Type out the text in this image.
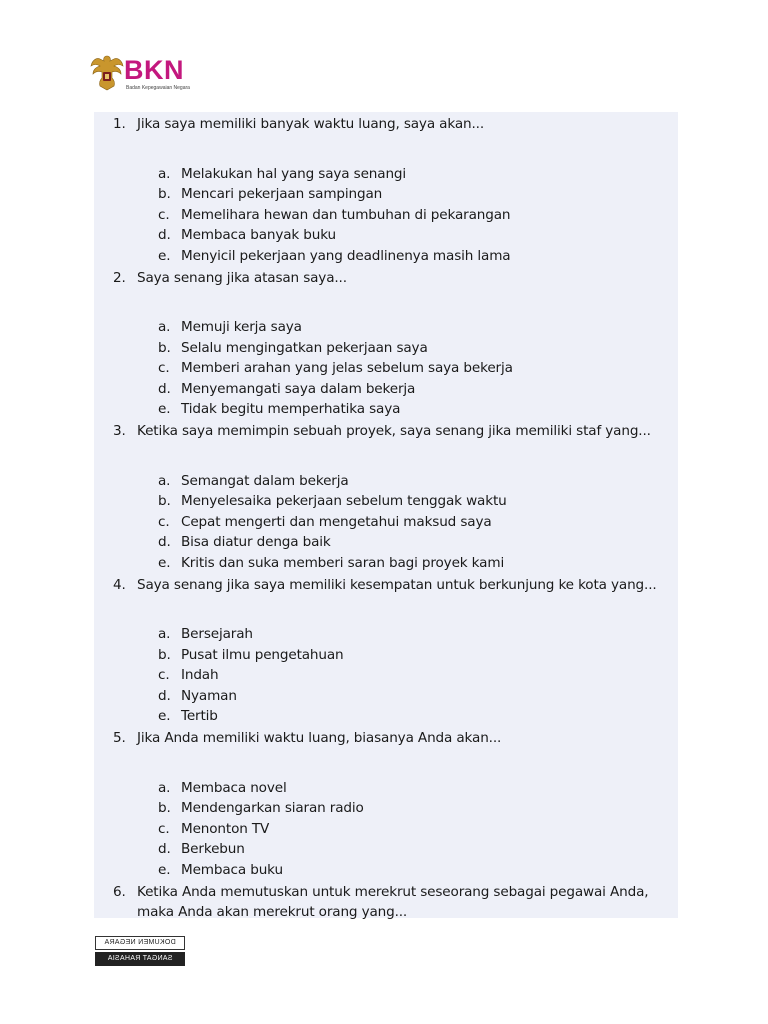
BKN
Badan Kepegawaian Negara
1. Jika saya memiliki banyak waktu luang, saya akan...
a. Melakukan hal yang saya senangi
b. Mencari pekerjaan sampingan
c. Memelihara hewan dan tumbuhan di pekarangan
d. Membaca banyak buku
e. Menyicil pekerjaan yang deadlinenya masih lama
2. Saya senang jika atasan saya...
a. Memuji kerja saya
b. Selalu mengingatkan pekerjaan saya
c. Memberi arahan yang jelas sebelum saya bekerja
d. Menyemangati saya dalam bekerja
e. Tidak begitu memperhatika saya
3. Ketika saya memimpin sebuah proyek, saya senang jika memiliki staf yang...
a. Semangat dalam bekerja
b. Menyelesaika pekerjaan sebelum tenggak waktu
c. Cepat mengerti dan mengetahui maksud saya
d. Bisa diatur denga baik
e. Kritis dan suka memberi saran bagi proyek kami
4. Saya senang jika saya memiliki kesempatan untuk berkunjung ke kota yang...
a. Bersejarah
b. Pusat ilmu pengetahuan
c. Indah
d. Nyaman
e. Tertib
5. Jika Anda memiliki waktu luang, biasanya Anda akan...
a. Membaca novel
b. Mendengarkan siaran radio
c. Menonton TV
d. Berkebun
e. Membaca buku
6. Ketika Anda memutuskan untuk merekrut seseorang sebagai pegawai Anda,
maka Anda akan merekrut orang yang...
DOKUMEN NEGARA
SANGAT RAHASIA
